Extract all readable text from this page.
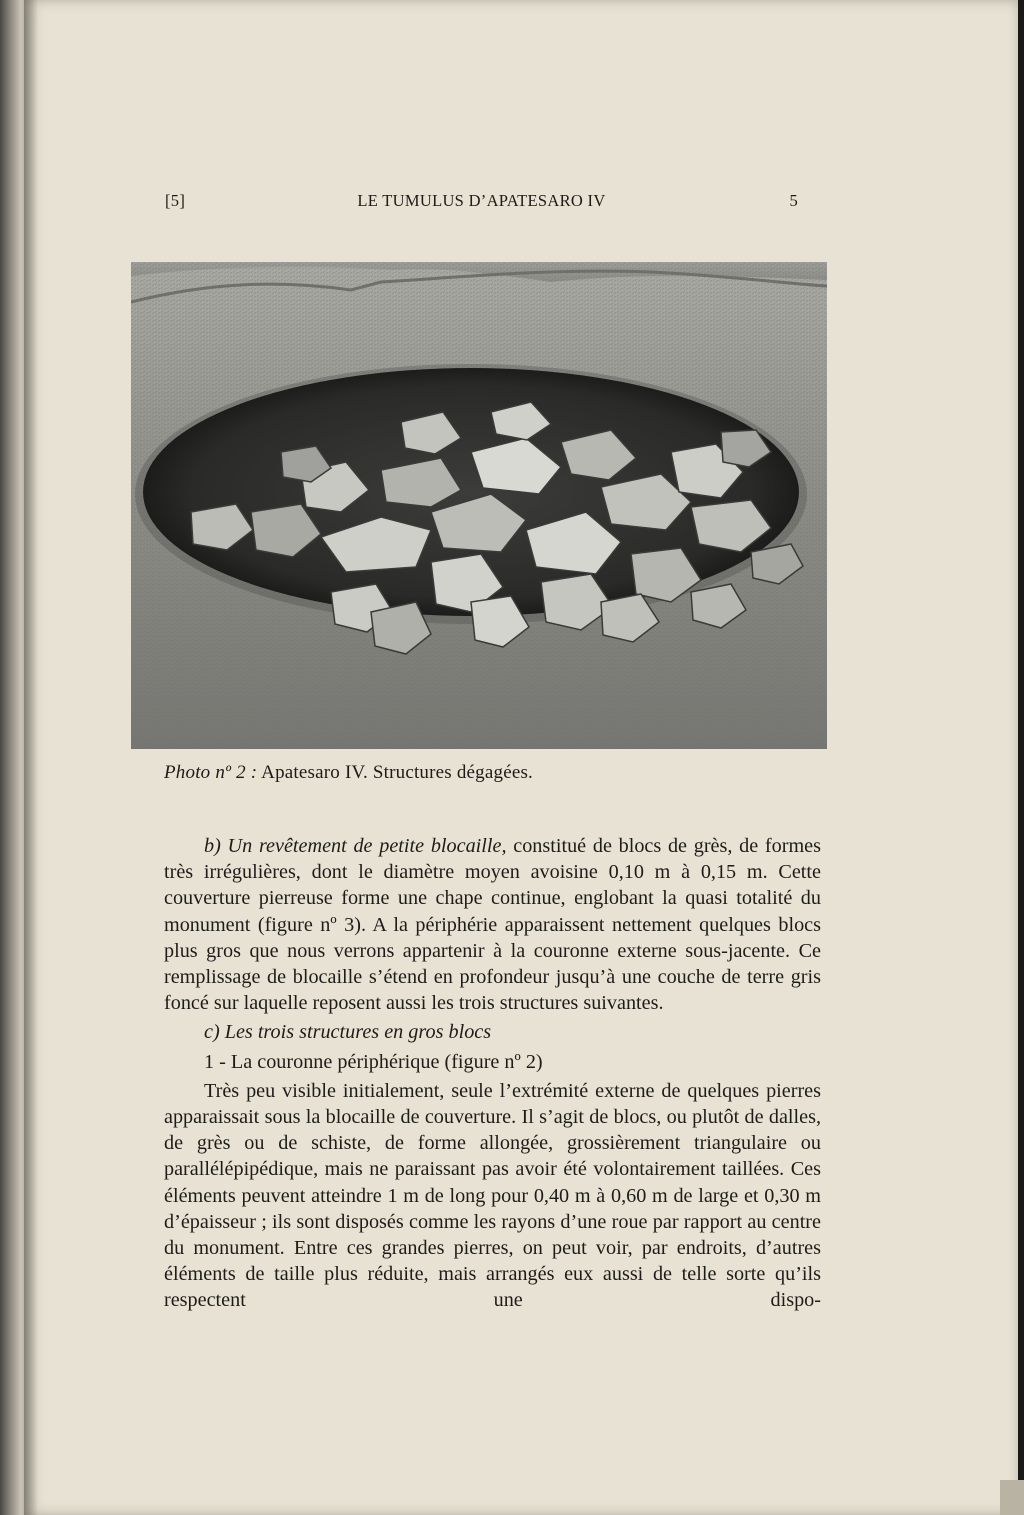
[5]	LE TUMULUS D’APATESARO IV	5
Photo nº 2 : Apatesaro IV. Structures dégagées.

b) Un revêtement de petite blocaille, constitué de blocs de grès, de formes très irrégulières, dont le diamètre moyen avoisine 0,10 m à 0,15 m. Cette couverture pierreuse forme une chape continue, englobant la quasi totalité du monument (figure nº 3). A la périphérie apparaissent nettement quelques blocs plus gros que nous verrons appartenir à la couronne externe sous-jacente. Ce remplissage de blocaille s’étend en profondeur jusqu’à une couche de terre gris foncé sur laquelle reposent aussi les trois structures suivantes.

c) Les trois structures en gros blocs

1 - La couronne périphérique (figure nº 2)

Très peu visible initialement, seule l’extrémité externe de quelques pierres apparaissait sous la blocaille de couverture. Il s’agit de blocs, ou plutôt de dalles, de grès ou de schiste, de forme allongée, grossièrement triangulaire ou parallélépipédique, mais ne paraissant pas avoir été volontairement taillées. Ces éléments peuvent atteindre 1 m de long pour 0,40 m à 0,60 m de large et 0,30 m d’épaisseur ; ils sont disposés comme les rayons d’une roue par rapport au centre du monument. Entre ces grandes pierres, on peut voir, par endroits, d’autres éléments de taille plus réduite, mais arrangés eux aussi de telle sorte qu’ils respectent une dispo-
